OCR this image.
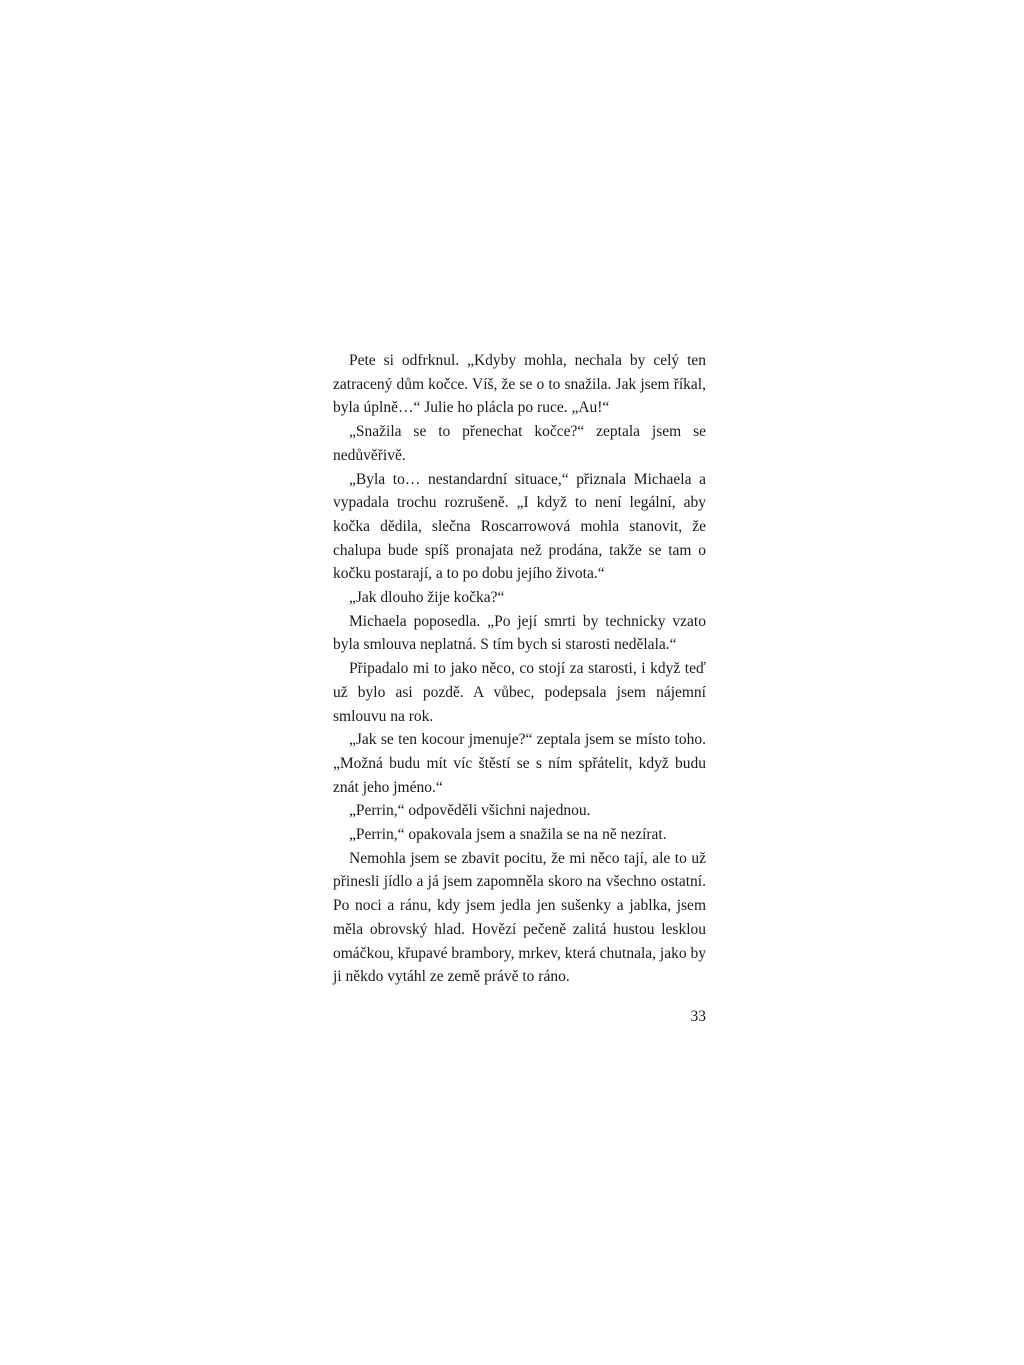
Pete si odfrknul. „Kdyby mohla, nechala by celý ten zatracený dům kočce. Víš, že se o to snažila. Jak jsem říkal, byla úplně…“ Julie ho plácla po ruce. „Au!“

„Snažila se to přenechat kočce?“ zeptala jsem se nedůvěřivě.

„Byla to… nestandardní situace,“ přiznala Michaela a vypadala trochu rozrušeně. „I když to není legální, aby kočka dědila, slečna Roscarrowová mohla stanovit, že chalupa bude spíš pronajata než prodána, takže se tam o kočku postarají, a to po dobu jejího života.“

„Jak dlouho žije kočka?“

Michaela poposedla. „Po její smrti by technicky vzato byla smlouva neplatná. S tím bych si starosti nedělala.“

Připadalo mi to jako něco, co stojí za starosti, i když teď už bylo asi pozdě. A vůbec, podepsala jsem nájemní smlouvu na rok.

„Jak se ten kocour jmenuje?“ zeptala jsem se místo toho. „Možná budu mít víc štěstí se s ním spřátelit, když budu znát jeho jméno.“

„Perrin,“ odpověděli všichni najednou.

„Perrin,“ opakovala jsem a snažila se na ně nezírat.

Nemohla jsem se zbavit pocitu, že mi něco tají, ale to už přinesli jídlo a já jsem zapomněla skoro na všechno ostatní. Po noci a ránu, kdy jsem jedla jen sušenky a jablka, jsem měla obrovský hlad. Hovězí pečeně zalitá hustou lesklou omáčkou, křupavé brambory, mrkev, která chutnala, jako by ji někdo vytáhl ze země právě to ráno.

33
